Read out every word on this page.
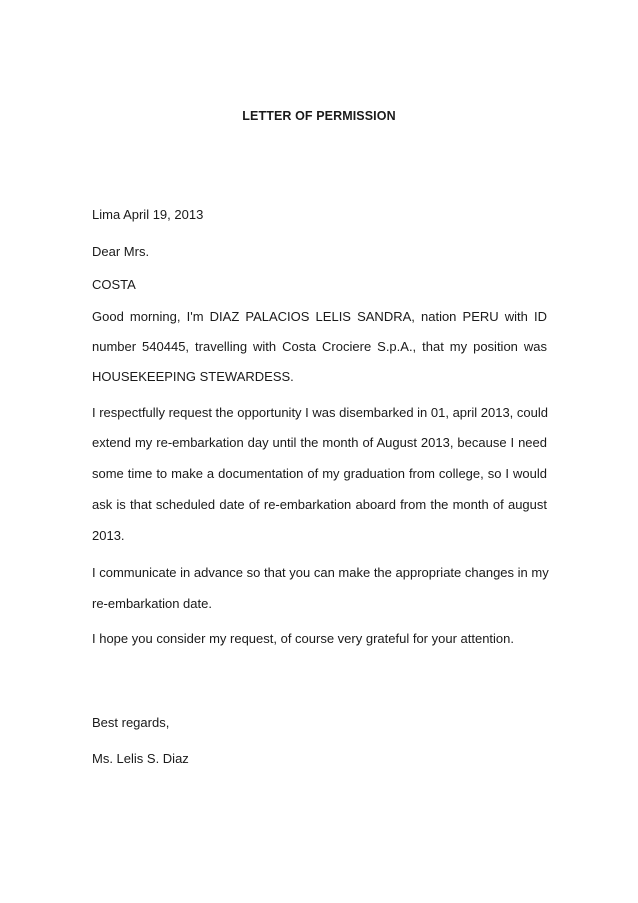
LETTER OF PERMISSION
Lima April 19, 2013
Dear Mrs.
COSTA
Good morning, I'm DIAZ PALACIOS LELIS SANDRA, nation PERU with ID
number 540445, travelling with Costa Crociere S.p.A., that my position was
HOUSEKEEPING STEWARDESS.
I respectfully request the opportunity I was disembarked in 01, april 2013, could
extend my re-embarkation day until the month of August 2013, because I need
some time to make a documentation of my graduation from college, so I would
ask is that scheduled date of re-embarkation aboard from the month of august
2013.
I communicate in advance so that you can make the appropriate changes in my
re-embarkation date.
I hope you consider my request, of course very grateful for your attention.
Best regards,
Ms. Lelis S. Diaz
